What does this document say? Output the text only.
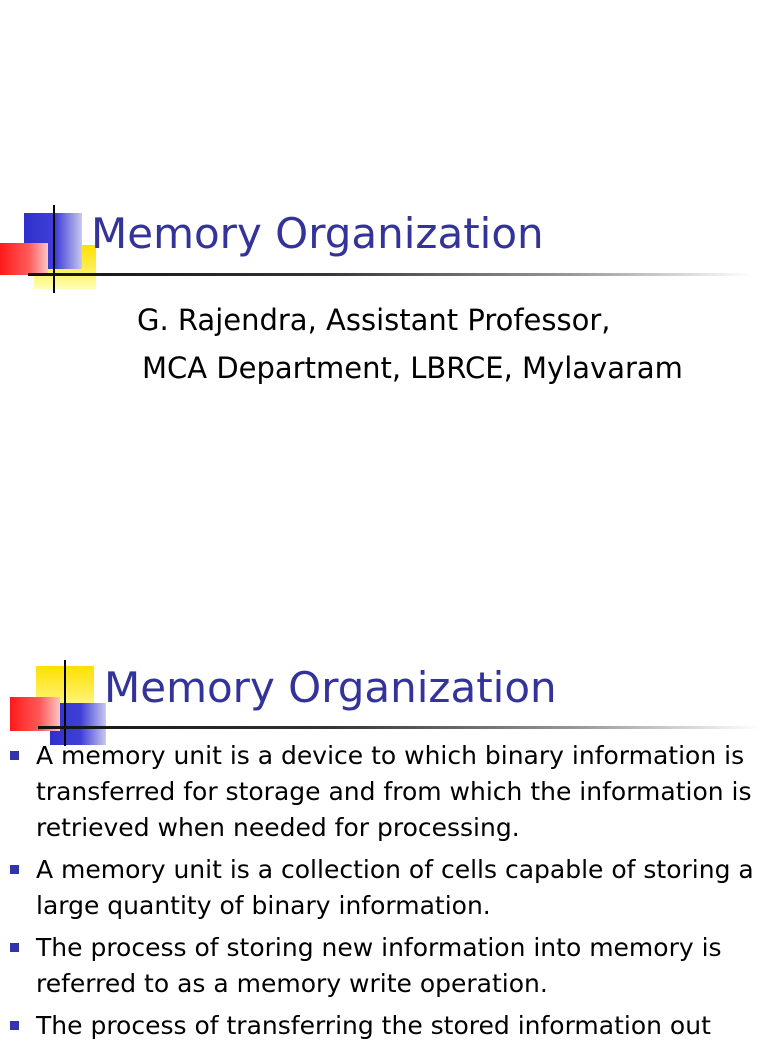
Memory Organization
G. Rajendra, Assistant Professor,
MCA Department, LBRCE, Mylavaram
Memory Organization
A memory unit is a device to which binary information is transferred for storage and from which the information is retrieved when needed for processing.
A memory unit is a collection of cells capable of storing a large quantity of binary information.
The process of storing new information into memory is referred to as a memory write operation.
The process of transferring the stored information out
